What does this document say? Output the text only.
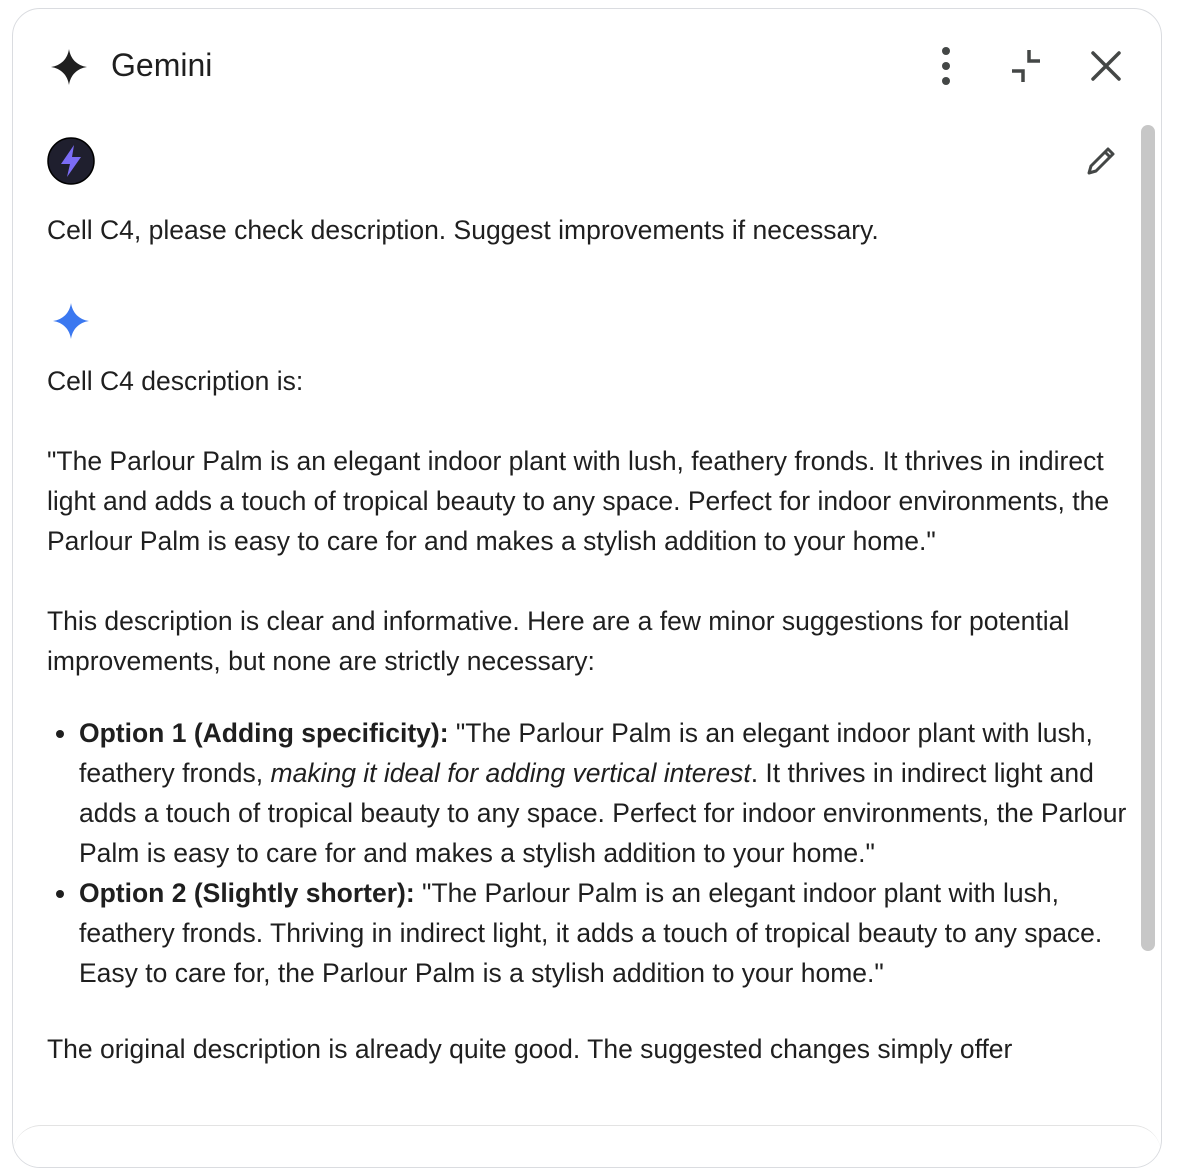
Gemini
Cell C4, please check description. Suggest improvements if necessary.

Cell C4 description is:

"The Parlour Palm is an elegant indoor plant with lush, feathery fronds. It thrives in indirect light and adds a touch of tropical beauty to any space. Perfect for indoor environments, the Parlour Palm is easy to care for and makes a stylish addition to your home."

This description is clear and informative. Here are a few minor suggestions for potential improvements, but none are strictly necessary:

• Option 1 (Adding specificity): "The Parlour Palm is an elegant indoor plant with lush, feathery fronds, making it ideal for adding vertical interest. It thrives in indirect light and adds a touch of tropical beauty to any space. Perfect for indoor environments, the Parlour Palm is easy to care for and makes a stylish addition to your home."
• Option 2 (Slightly shorter): "The Parlour Palm is an elegant indoor plant with lush, feathery fronds. Thriving in indirect light, it adds a touch of tropical beauty to any space. Easy to care for, the Parlour Palm is a stylish addition to your home."

The original description is already quite good. The suggested changes simply offer
